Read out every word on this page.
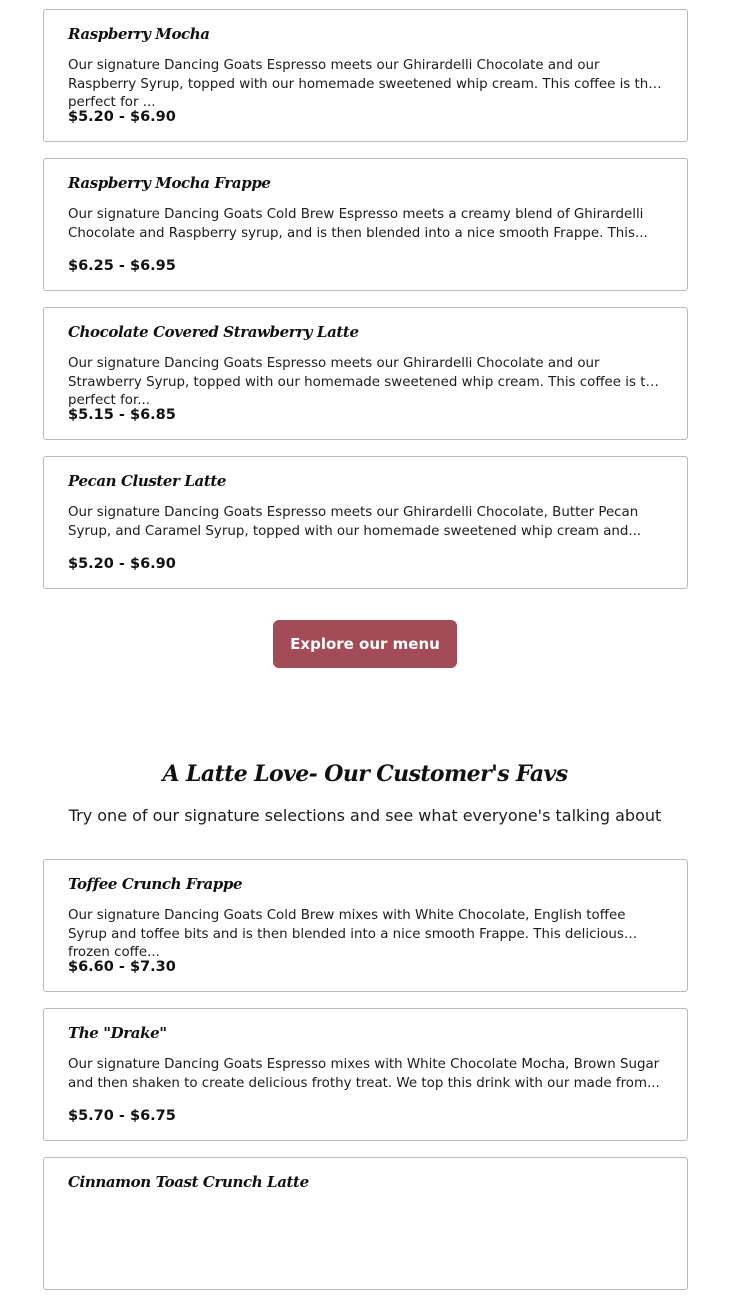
Raspberry Mocha

Our signature Dancing Goats Espresso meets our Ghirardelli Chocolate and our Raspberry Syrup, topped with our homemade sweetened whip cream. This coffee is the perfect for ...

$5.20 - $6.90
Raspberry Mocha Frappe

Our signature Dancing Goats Cold Brew Espresso meets a creamy blend of Ghirardelli Chocolate and Raspberry syrup, and is then blended into a nice smooth Frappe. This...

$6.25 - $6.95
Chocolate Covered Strawberry Latte

Our signature Dancing Goats Espresso meets our Ghirardelli Chocolate and our Strawberry Syrup, topped with our homemade sweetened whip cream. This coffee is the perfect for...

$5.15 - $6.85
Pecan Cluster Latte

Our signature Dancing Goats Espresso meets our Ghirardelli Chocolate, Butter Pecan Syrup, and Caramel Syrup, topped with our homemade sweetened whip cream and...

$5.20 - $6.90
Explore our menu
A Latte Love- Our Customer's Favs

Try one of our signature selections and see what everyone's talking about

Toffee Crunch Frappe

Our signature Dancing Goats Cold Brew mixes with White Chocolate, English toffee Syrup and toffee bits and is then blended into a nice smooth Frappe. This delicious frozen coffe...

$6.60 - $7.30
The "Drake"

Our signature Dancing Goats Espresso mixes with White Chocolate Mocha, Brown Sugar and then shaken to create delicious frothy treat. We top this drink with our made from...

$5.70 - $6.75
Cinnamon Toast Crunch Latte
